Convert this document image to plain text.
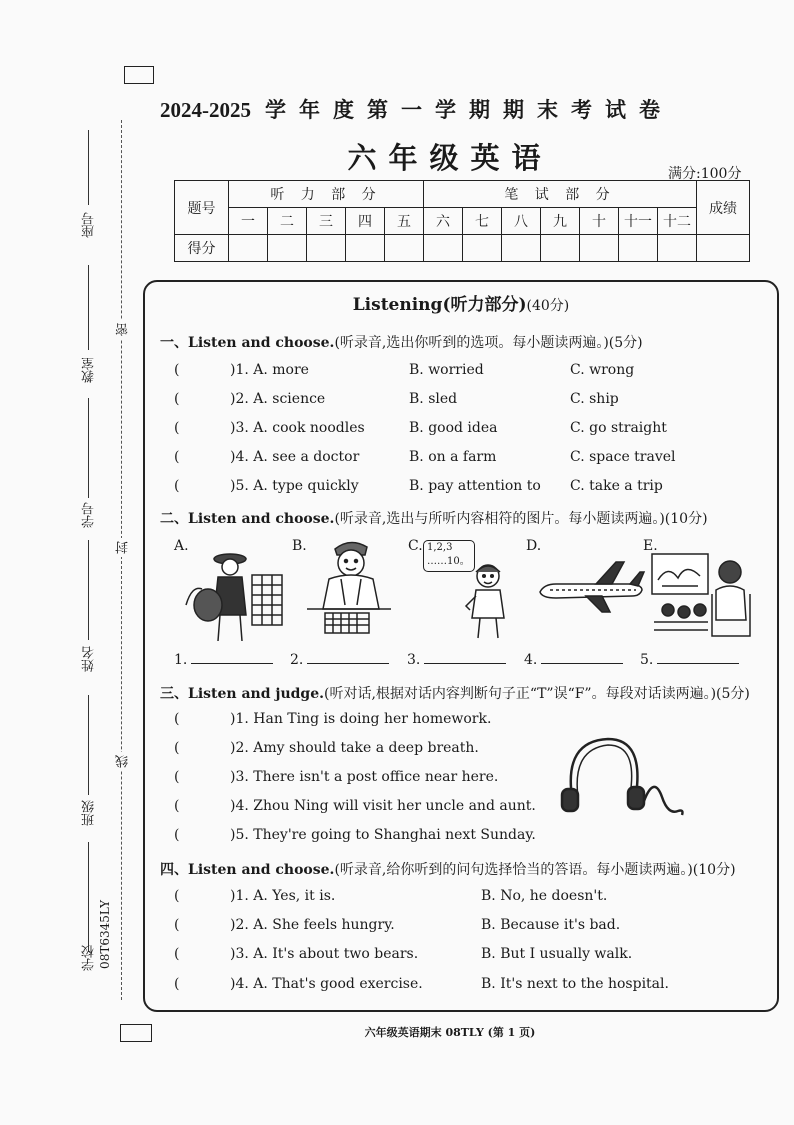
2024-2025 学年度第一学期期末考试卷
六年级英语	满分:100分
题号	听 力 部 分					笔 试 部 分							成绩
	一	二	三	四	五	六	七	八	九	十	十一	十二	
得分													
座号
教室
学号
姓名
班级
学校 08T6345LY
密
封
线
Listening(听力部分)(40分)
一、Listen and choose.(听录音,选出你听到的选项。每小题读两遍。)(5分)
(	)1. A. more	B. worried	C. wrong
(	)2. A. science	B. sled	C. ship
(	)3. A. cook noodles	B. good idea	C. go straight
(	)4. A. see a doctor	B. on a farm	C. space travel
(	)5. A. type quickly	B. pay attention to C. take a trip
二、Listen and choose.(听录音,选出与所听内容相符的图片。每小题读两遍。)(10分)
A.	B.	C.	D.	E.
1,2,3 ……10。
1.	2.	3.	4.	5.
三、Listen and judge.(听对话,根据对话内容判断句子正“T”误“F”。每段对话读两遍。)(5分)
(	)1. Han Ting is doing her homework.
(	)2. Amy should take a deep breath.
(	)3. There isn't a post office near here.
(	)4. Zhou Ning will visit her uncle and aunt.
(	)5. They're going to Shanghai next Sunday.
四、Listen and choose.(听录音,给你听到的问句选择恰当的答语。每小题读两遍。)(10分)
(	)1. A. Yes, it is.	B. No, he doesn't.
(	)2. A. She feels hungry.	B. Because it's bad.
(	)3. A. It's about two bears.	B. But I usually walk.
(	)4. A. That's good exercise.	B. It's next to the hospital.
六年级英语期末 08TLY (第 1 页)
